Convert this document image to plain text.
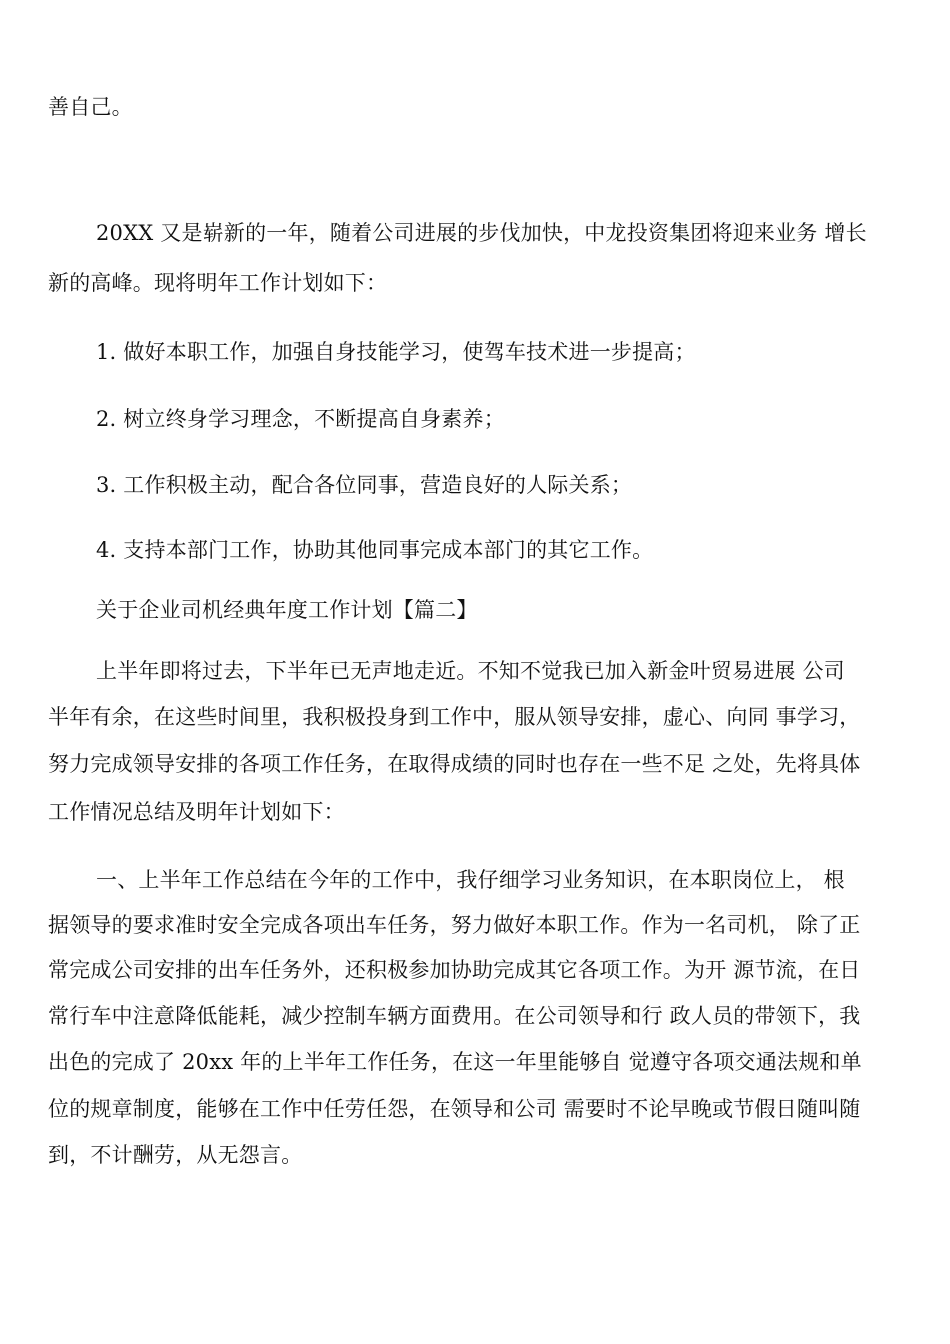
善自己。
20XX 又是崭新的一年，随着公司进展的步伐加快，中龙投资集团将迎来业务 增长
新的高峰。现将明年工作计划如下：
1. 做好本职工作，加强自身技能学习，使驾车技术进一步提高；
2. 树立终身学习理念，不断提高自身素养；
3. 工作积极主动，配合各位同事，营造良好的人际关系；
4. 支持本部门工作，协助其他同事完成本部门的其它工作。
关于企业司机经典年度工作计划【篇二】
上半年即将过去，下半年已无声地走近。不知不觉我已加入新金叶贸易进展 公司
半年有余，在这些时间里，我积极投身到工作中，服从领导安排，虚心、向同 事学习，
努力完成领导安排的各项工作任务，在取得成绩的同时也存在一些不足 之处，先将具体
工作情况总结及明年计划如下：
一、上半年工作总结在今年的工作中，我仔细学习业务知识，在本职岗位上， 根
据领导的要求准时安全完成各项出车任务，努力做好本职工作。作为一名司机， 除了正
常完成公司安排的出车任务外，还积极参加协助完成其它各项工作。为开 源节流，在日
常行车中注意降低能耗，减少控制车辆方面费用。在公司领导和行 政人员的带领下，我
出色的完成了 20xx 年的上半年工作任务，在这一年里能够自 觉遵守各项交通法规和单
位的规章制度，能够在工作中任劳任怨，在领导和公司 需要时不论早晚或节假日随叫随
到，不计酬劳，从无怨言。
